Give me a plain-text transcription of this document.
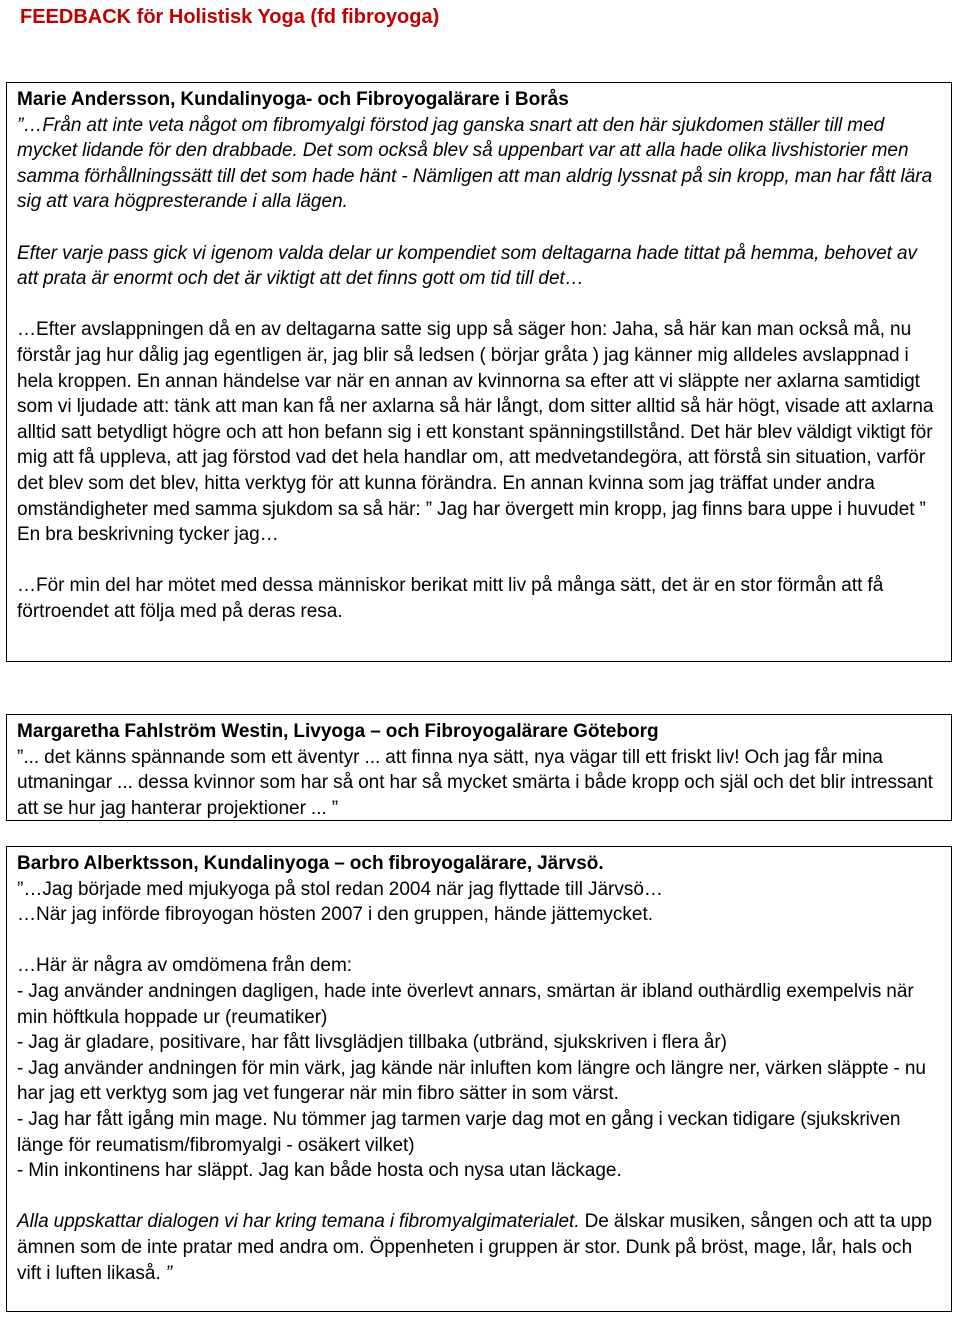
FEEDBACK för Holistisk Yoga (fd fibroyoga)

Marie Andersson, Kundalinyoga- och Fibroyogalärare i Borås

”…Från att inte veta något om fibromyalgi förstod jag ganska snart att den här sjukdomen ställer till med mycket lidande för den drabbade. Det som också blev så uppenbart var att alla hade olika livshistorier men samma förhållningssätt till det som hade hänt - Nämligen att man aldrig lyssnat på sin kropp, man har fått lära sig att vara högpresterande i alla lägen.

Efter varje pass gick vi igenom valda delar ur kompendiet som deltagarna hade tittat på hemma, behovet av att prata är enormt och det är viktigt att det finns gott om tid till det…

…Efter avslappningen då en av deltagarna satte sig upp så säger hon: Jaha, så här kan man också må, nu förstår jag hur dålig jag egentligen är, jag blir så ledsen ( börjar gråta ) jag känner mig alldeles avslappnad i hela kroppen. En annan händelse var när en annan av kvinnorna sa efter att vi släppte ner axlarna samtidigt som vi ljudade att: tänk att man kan få ner axlarna så här långt, dom sitter alltid så här högt, visade att axlarna alltid satt betydligt högre och att hon befann sig i ett konstant spänningstillstånd. Det här blev väldigt viktigt för mig att få uppleva, att jag förstod vad det hela handlar om, att medvetandegöra, att förstå sin situation, varför det blev som det blev, hitta verktyg för att kunna förändra. En annan kvinna som jag träffat under andra omständigheter med samma sjukdom sa så här: ” Jag har övergett min kropp, jag finns bara uppe i huvudet ” En bra beskrivning tycker jag…

…För min del har mötet med dessa människor berikat mitt liv på många sätt, det är en stor förmån att få förtroendet att följa med på deras resa.

Margaretha Fahlström Westin, Livyoga – och Fibroyogalärare Göteborg

”... det känns spännande som ett äventyr ... att finna nya sätt, nya vägar till ett friskt liv! Och jag får mina utmaningar ... dessa kvinnor som har så ont har så mycket smärta i både kropp och själ och det blir intressant att se hur jag hanterar projektioner ... ”

Barbro Alberktsson, Kundalinyoga – och fibroyogalärare, Järvsö.

”…Jag började med mjukyoga på stol redan 2004 när jag flyttade till Järvsö…

…När jag införde fibroyogan hösten 2007 i den gruppen, hände jättemycket.

…Här är några av omdömena från dem:

- Jag använder andningen dagligen, hade inte överlevt annars, smärtan är ibland outhärdlig exempelvis när min höftkula hoppade ur (reumatiker)

- Jag är gladare, positivare, har fått livsglädjen tillbaka (utbränd, sjukskriven i flera år)

- Jag använder andningen för min värk, jag kände när inluften kom längre och längre ner, värken släppte - nu har jag ett verktyg som jag vet fungerar när min fibro sätter in som värst.

- Jag har fått igång min mage. Nu tömmer jag tarmen varje dag mot en gång i veckan tidigare (sjukskriven länge för reumatism/fibromyalgi - osäkert vilket)

- Min inkontinens har släppt. Jag kan både hosta och nysa utan läckage.

Alla uppskattar dialogen vi har kring temana i fibromyalgimaterialet. De älskar musiken, sången och att ta upp ämnen som de inte pratar med andra om. Öppenheten i gruppen är stor. Dunk på bröst, mage, lår, hals och vift i luften likaså. ”
